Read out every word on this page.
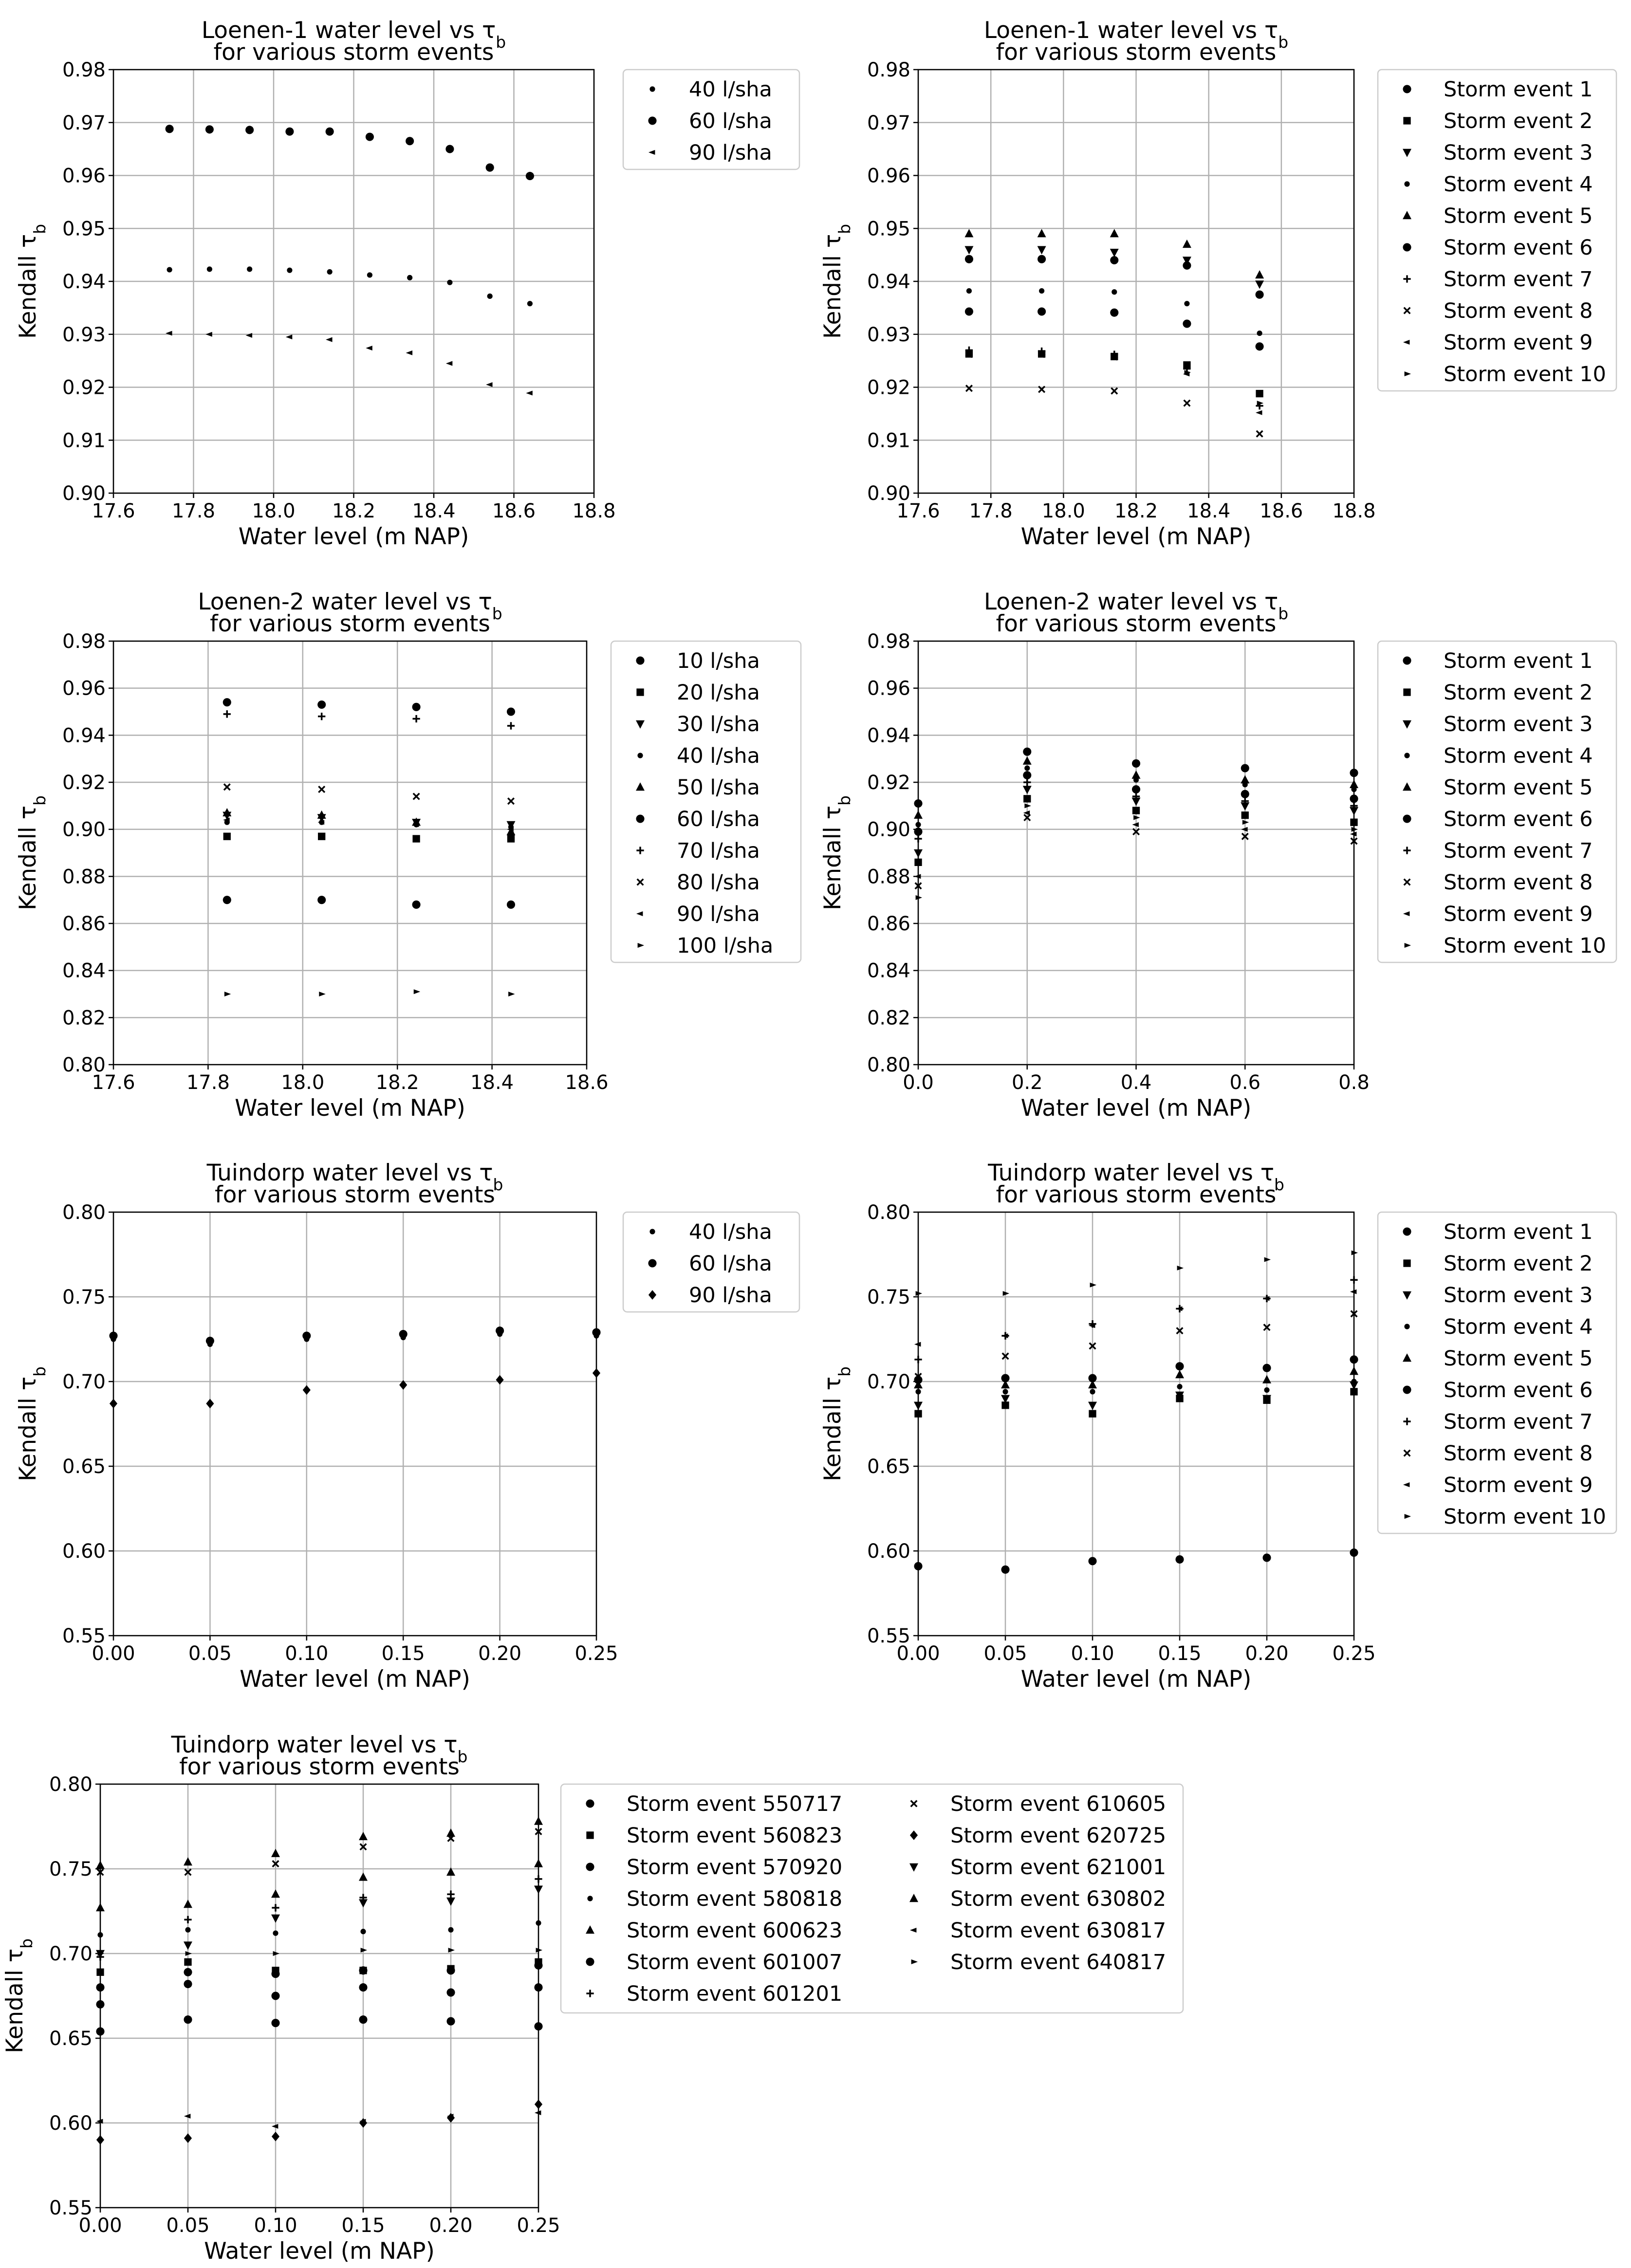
17.6 17.8 18.0 18.2 18.4 18.6 18.8
0.90
0.91
0.92
0.93
0.94
0.95
0.96
0.97
0.98
Loenen-1 water level vs $\tau_b$
for various storm events
Water level (m NAP)
Kendall $\tau_b$
40 l/sha
60 l/sha
90 l/sha
17.6 17.8 18.0 18.2 18.4 18.6 18.8
0.90
0.91
0.92
0.93
0.94
0.95
0.96
0.97
0.98
Loenen-1 water level vs $\tau_b$
for various storm events
Water level (m NAP)
Kendall $\tau_b$
Storm event 1
Storm event 2
Storm event 3
Storm event 4
Storm event 5
Storm event 6
Storm event 7
Storm event 8
Storm event 9
Storm event 10
17.6	17.8	18.0	18.2	18.4	18.6
0.80
0.82
0.84
0.86
0.88
0.90
0.92
0.94
0.96
0.98
Loenen-2 water level vs $\tau_b$
for various storm events
Water level (m NAP)
Kendall $\tau_b$
10 l/sha
20 l/sha
30 l/sha
40 l/sha
50 l/sha
60 l/sha
70 l/sha
80 l/sha
90 l/sha
100 l/sha
0.0	0.2	0.4	0.6	0.8
0.80
0.82
0.84
0.86
0.88
0.90
0.92
0.94
0.96
0.98
Loenen-2 water level vs $\tau_b$
for various storm events
Water level (m NAP)
Kendall $\tau_b$
Storm event 1
Storm event 2
Storm event 3
Storm event 4
Storm event 5
Storm event 6
Storm event 7
Storm event 8
Storm event 9
Storm event 10
0.00	0.05	0.10	0.15	0.20	0.25
0.55
0.60
0.65
0.70
0.75
0.80
Tuindorp water level vs $\tau_b$
for various storm events
Water level (m NAP)
Kendall $\tau_b$
40 l/sha
60 l/sha
90 l/sha
0.00 0.05 0.10 0.15 0.20 0.25
0.55
0.60
0.65
0.70
0.75
0.80
Tuindorp water level vs $\tau_b$
for various storm events
Water level (m NAP)
Kendall $\tau_b$
Storm event 1
Storm event 2
Storm event 3
Storm event 4
Storm event 5
Storm event 6
Storm event 7
Storm event 8
Storm event 9
Storm event 10
0.00 0.05 0.10 0.15 0.20 0.25
0.55
0.60
0.65
0.70
0.75
0.80
Tuindorp water level vs $\tau_b$
for various storm events
Water level (m NAP)
Kendall $\tau_b$
Storm event 550717
Storm event 560823
Storm event 570920
Storm event 580818
Storm event 600623
Storm event 601007
Storm event 601201
Storm event 610605
Storm event 620725
Storm event 621001
Storm event 630802
Storm event 630817
Storm event 640817
